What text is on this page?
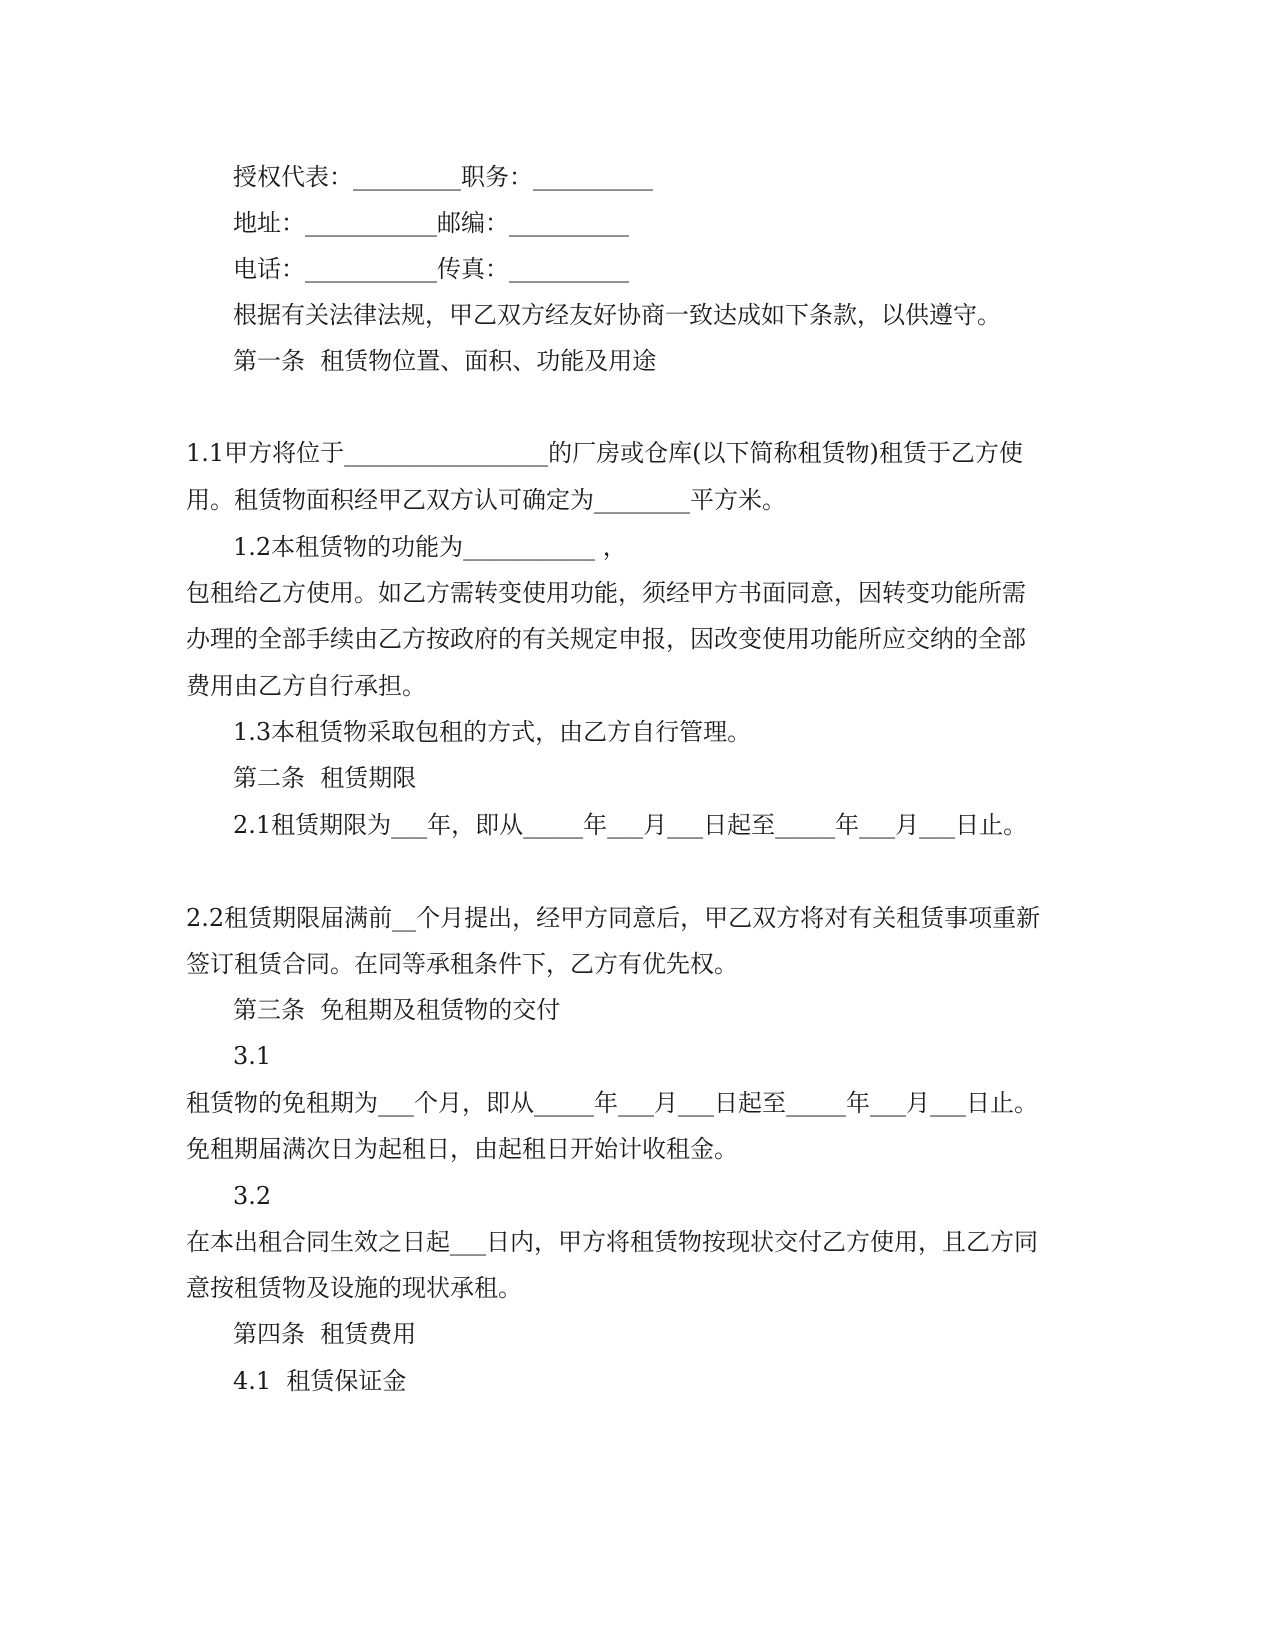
授权代表：_________职务：__________
地址：___________邮编：__________
电话：___________传真：__________
根据有关法律法规，甲乙双方经友好协商一致达成如下条款，以供遵守。
第一条  租赁物位置、面积、功能及用途
1.1甲方将位于_________________的厂房或仓库(以下简称租赁物)租赁于乙方使
用。租赁物面积经甲乙双方认可确定为________平方米。
1.2本租赁物的功能为___________ ，
包租给乙方使用。如乙方需转变使用功能，须经甲方书面同意，因转变功能所需
办理的全部手续由乙方按政府的有关规定申报，因改变使用功能所应交纳的全部
费用由乙方自行承担。
1.3本租赁物采取包租的方式，由乙方自行管理。
第二条  租赁期限
2.1租赁期限为___年，即从_____年___月___日起至_____年___月___日止。
2.2租赁期限届满前__个月提出，经甲方同意后，甲乙双方将对有关租赁事项重新
签订租赁合同。在同等承租条件下，乙方有优先权。
第三条  免租期及租赁物的交付
3.1
租赁物的免租期为___个月，即从_____年___月___日起至_____年___月___日止。
免租期届满次日为起租日，由起租日开始计收租金。
3.2
在本出租合同生效之日起___日内，甲方将租赁物按现状交付乙方使用，且乙方同
意按租赁物及设施的现状承租。
第四条  租赁费用
4.1  租赁保证金
